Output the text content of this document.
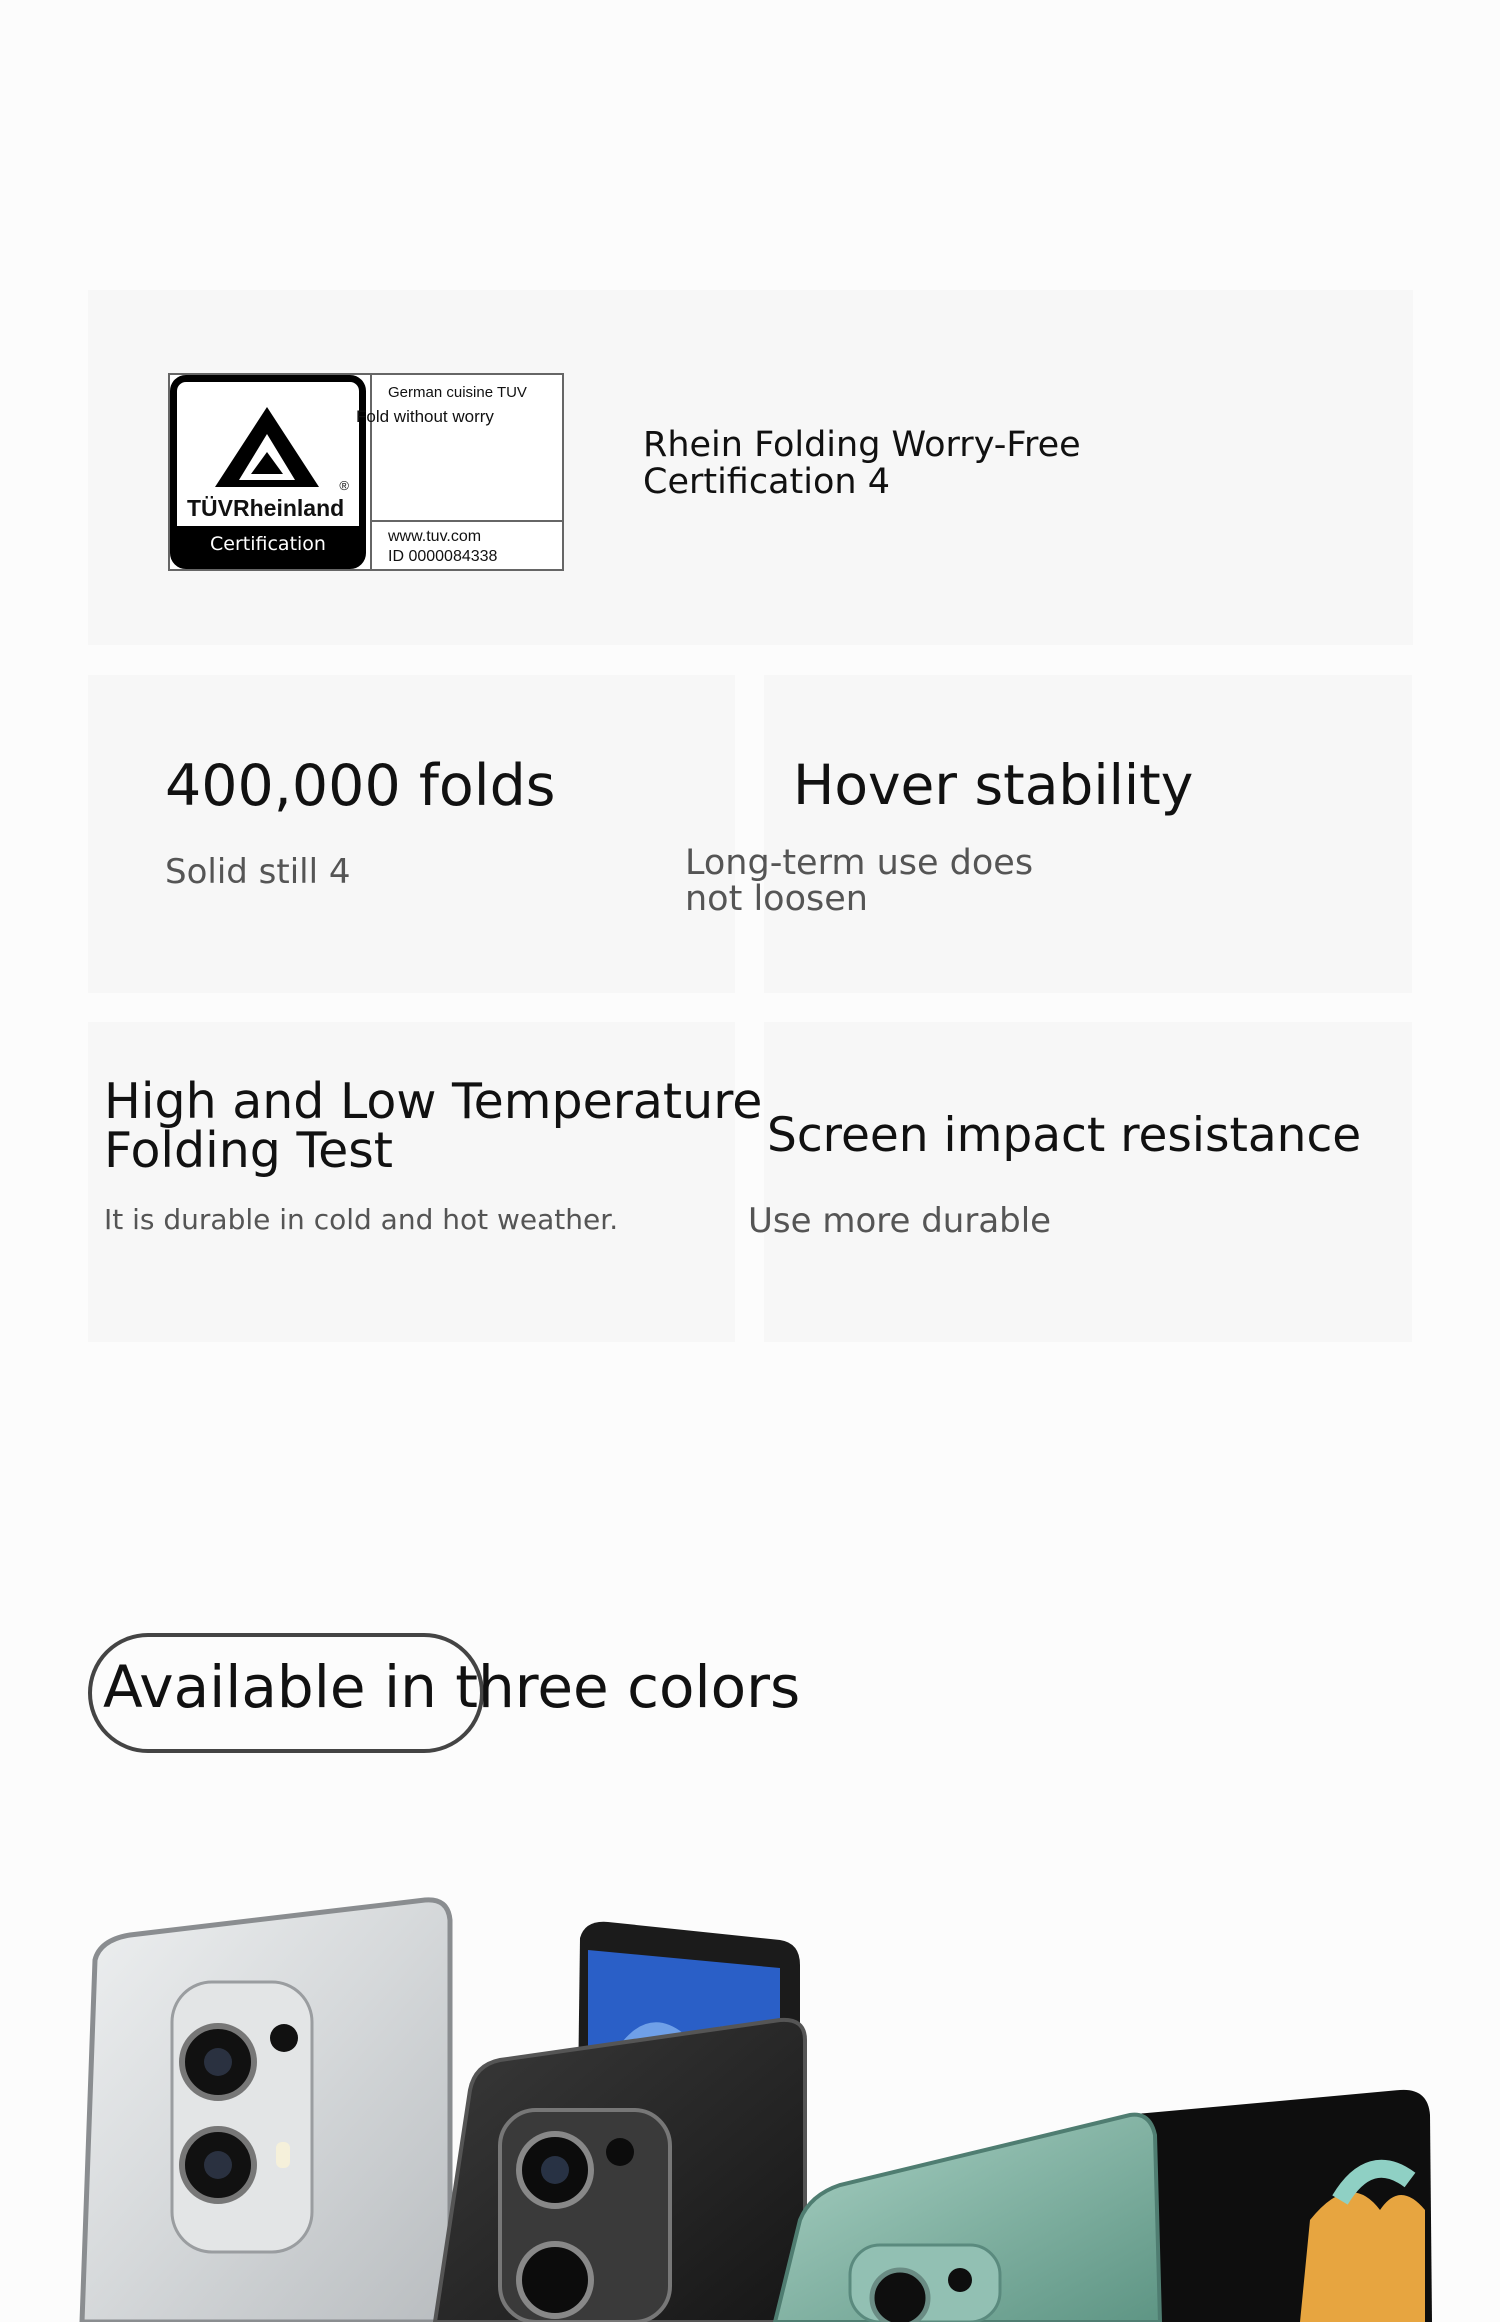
TÜVRheinland
®
Certification
German cuisine TUV
Fold without worry
www.tuv.com
ID 0000084338
Rhein Folding Worry-Free
Certification 4
400,000 folds
Solid still 4
Hover stability
Long-term use does
not loosen
High and Low Temperature
Folding Test
It is durable in cold and hot weather.
Screen impact resistance
Use more durable
Available in three colors
